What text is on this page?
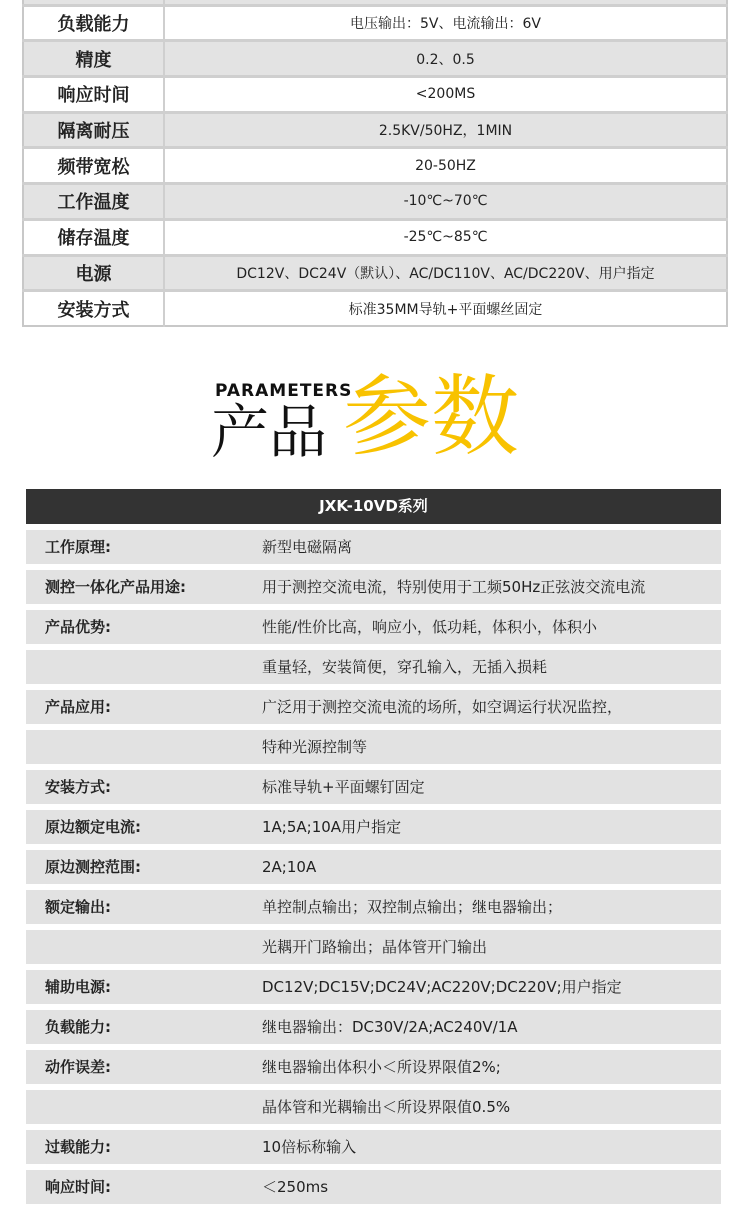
负载能力	电压输出：5V、电流输出：6V
精度	0.2、0.5
响应时间	<200MS
隔离耐压	2.5KV/50HZ，1MIN
频带宽松	20-50HZ
工作温度	-10℃~70℃
储存温度	-25℃~85℃
电源	DC12V、DC24V（默认）、AC/DC110V、AC/DC220V、用户指定
安装方式	标准35MM导轨+平面螺丝固定
PARAMETERS
产品 参数
JXK-10VD系列
工作原理:	新型电磁隔离
测控一体化产品用途:	用于测控交流电流，特别使用于工频50Hz正弦波交流电流
产品优势:	性能/性价比高，响应小，低功耗，体积小，体积小
重量轻，安装简便，穿孔输入，无插入损耗
产品应用:	广泛用于测控交流电流的场所，如空调运行状况监控，
特种光源控制等
安装方式:	标准导轨+平面螺钉固定
原边额定电流:	1A;5A;10A用户指定
原边测控范围:	2A;10A
额定输出:	单控制点输出；双控制点输出；继电器输出；
光耦开门路输出；晶体管开门输出
辅助电源:	DC12V;DC15V;DC24V;AC220V;DC220V;用户指定
负载能力:	继电器输出：DC30V/2A;AC240V/1A
动作误差:	继电器输出体积小＜所设界限值2%;
晶体管和光耦输出＜所设界限值0.5%
过载能力:	10倍标称输入
响应时间:	＜250ms
